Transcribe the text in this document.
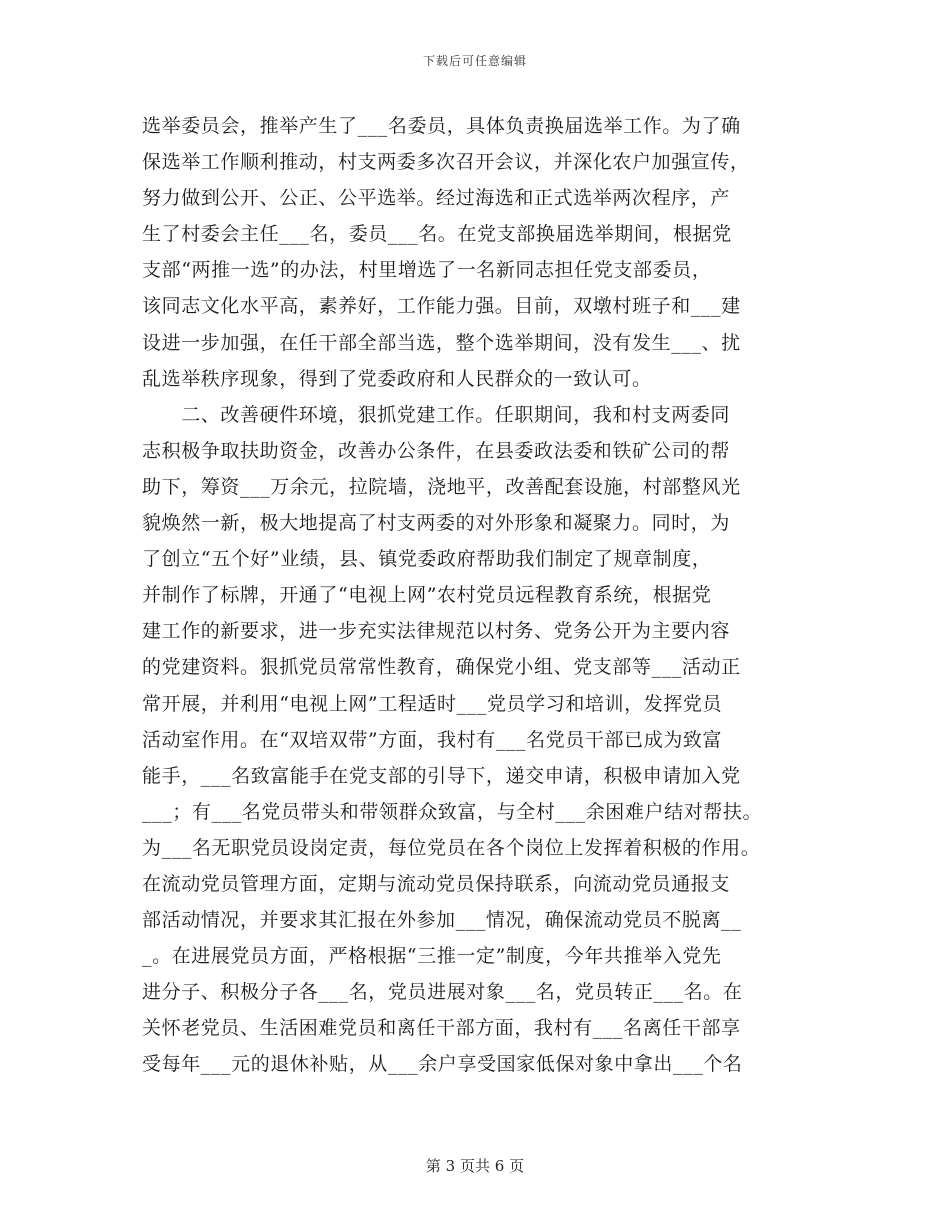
下载后可任意编辑
选举委员会，推举产生了___名委员，具体负责换届选举工作。为了确
保选举工作顺利推动，村支两委多次召开会议，并深化农户加强宣传，
努力做到公开、公正、公平选举。经过海选和正式选举两次程序，产
生了村委会主任___名，委员___名。在党支部换届选举期间，根据党
支部“两推一选”的办法，村里增选了一名新同志担任党支部委员，
该同志文化水平高，素养好，工作能力强。目前，双墩村班子和___建
设进一步加强，在任干部全部当选，整个选举期间，没有发生___、扰
乱选举秩序现象，得到了党委政府和人民群众的一致认可。
　　二、改善硬件环境，狠抓党建工作。任职期间，我和村支两委同
志积极争取扶助资金，改善办公条件，在县委政法委和铁矿公司的帮
助下，筹资___万余元，拉院墙，浇地平，改善配套设施，村部整风光
貌焕然一新，极大地提高了村支两委的对外形象和凝聚力。同时，为
了创立“五个好”业绩，县、镇党委政府帮助我们制定了规章制度，
并制作了标牌，开通了“电视上网”农村党员远程教育系统，根据党
建工作的新要求，进一步充实法律规范以村务、党务公开为主要内容
的党建资料。狠抓党员常常性教育，确保党小组、党支部等___活动正
常开展，并利用“电视上网”工程适时___党员学习和培训，发挥党员
活动室作用。在“双培双带”方面，我村有___名党员干部已成为致富
能手，___名致富能手在党支部的引导下，递交申请，积极申请加入党
___；有___名党员带头和带领群众致富，与全村___余困难户结对帮扶。
为___名无职党员设岗定责，每位党员在各个岗位上发挥着积极的作用。
在流动党员管理方面，定期与流动党员保持联系，向流动党员通报支
部活动情况，并要求其汇报在外参加___情况，确保流动党员不脱离__
_。在进展党员方面，严格根据“三推一定”制度，今年共推举入党先
进分子、积极分子各___名，党员进展对象___名，党员转正___名。在
关怀老党员、生活困难党员和离任干部方面，我村有___名离任干部享
受每年___元的退休补贴，从___余户享受国家低保对象中拿出___个名
第 3 页共 6 页
